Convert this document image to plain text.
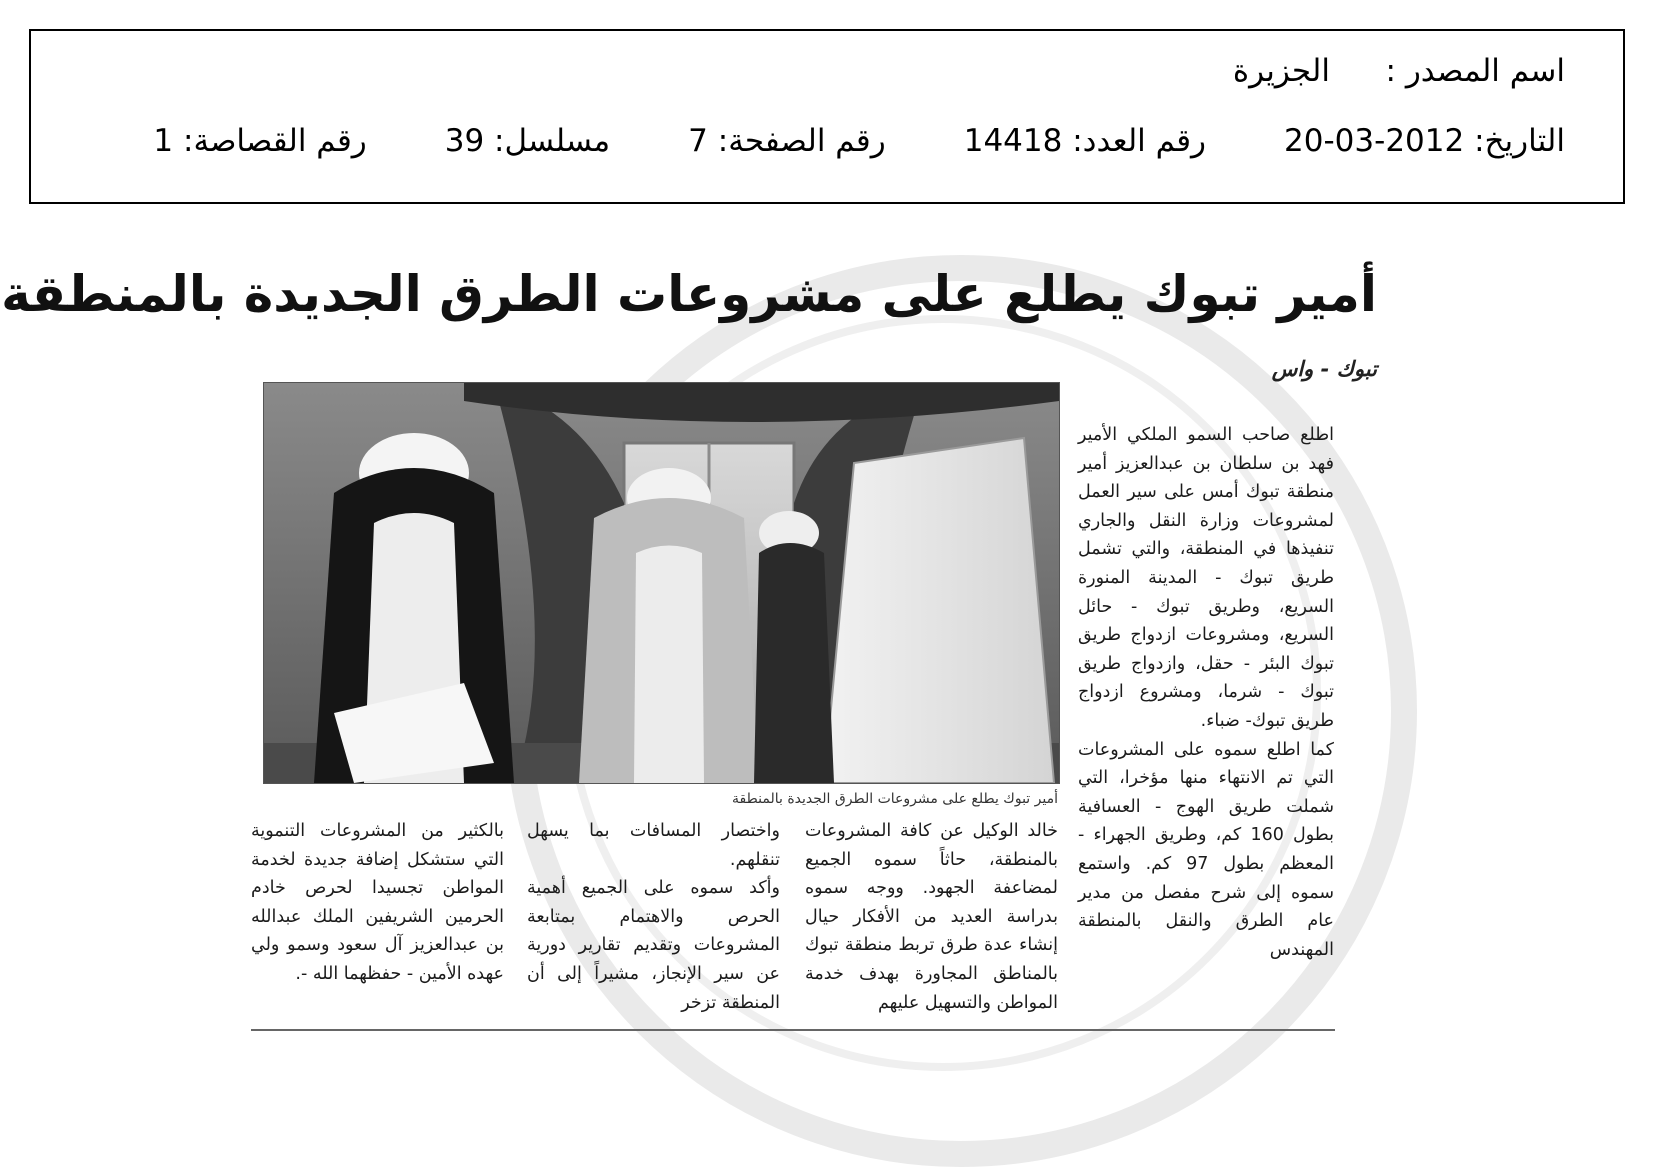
اسم المصدر :
الجزيرة
التاريخ: 2012-03-20
رقم العدد: 14418
رقم الصفحة: 7
مسلسل: 39
رقم القصاصة: 1
أمير تبوك يطلع على مشروعات الطرق الجديدة بالمنطقة
تبوك - واس
أمير تبوك يطلع على مشروعات الطرق الجديدة بالمنطقة

اطلع صاحب السمو الملكي الأمير فهد بن سلطان بن عبدالعزيز أمير منطقة تبوك أمس على سير العمل لمشروعات وزارة النقل والجاري تنفيذها في المنطقة، والتي تشمل طريق تبوك - المدينة المنورة السريع، وطريق تبوك - حائل السريع، ومشروعات ازدواج طريق تبوك البئر - حقل، وازدواج طريق تبوك - شرما، ومشروع ازدواج طريق تبوك- ضباء.

كما اطلع سموه على المشروعات التي تم الانتهاء منها مؤخرا، التي شملت طريق الهوج - العسافية بطول 160 كم، وطريق الجهراء - المعظم بطول 97 كم. واستمع سموه إلى شرح مفصل من مدير عام الطرق والنقل بالمنطقة المهندس

خالد الوكيل عن كافة المشروعات بالمنطقة، حاثاً سموه الجميع لمضاعفة الجهود. ووجه سموه بدراسة العديد من الأفكار حيال إنشاء عدة طرق تربط منطقة تبوك بالمناطق المجاورة بهدف خدمة المواطن والتسهيل عليهم

واختصار المسافات بما يسهل تنقلهم.

وأكد سموه على الجميع أهمية الحرص والاهتمام بمتابعة المشروعات وتقديم تقارير دورية عن سير الإنجاز، مشيراً إلى أن المنطقة تزخر

بالكثير من المشروعات التنموية التي ستشكل إضافة جديدة لخدمة المواطن تجسيدا لحرص خادم الحرمين الشريفين الملك عبدالله بن عبدالعزيز آل سعود وسمو ولي عهده الأمين - حفظهما الله -.
